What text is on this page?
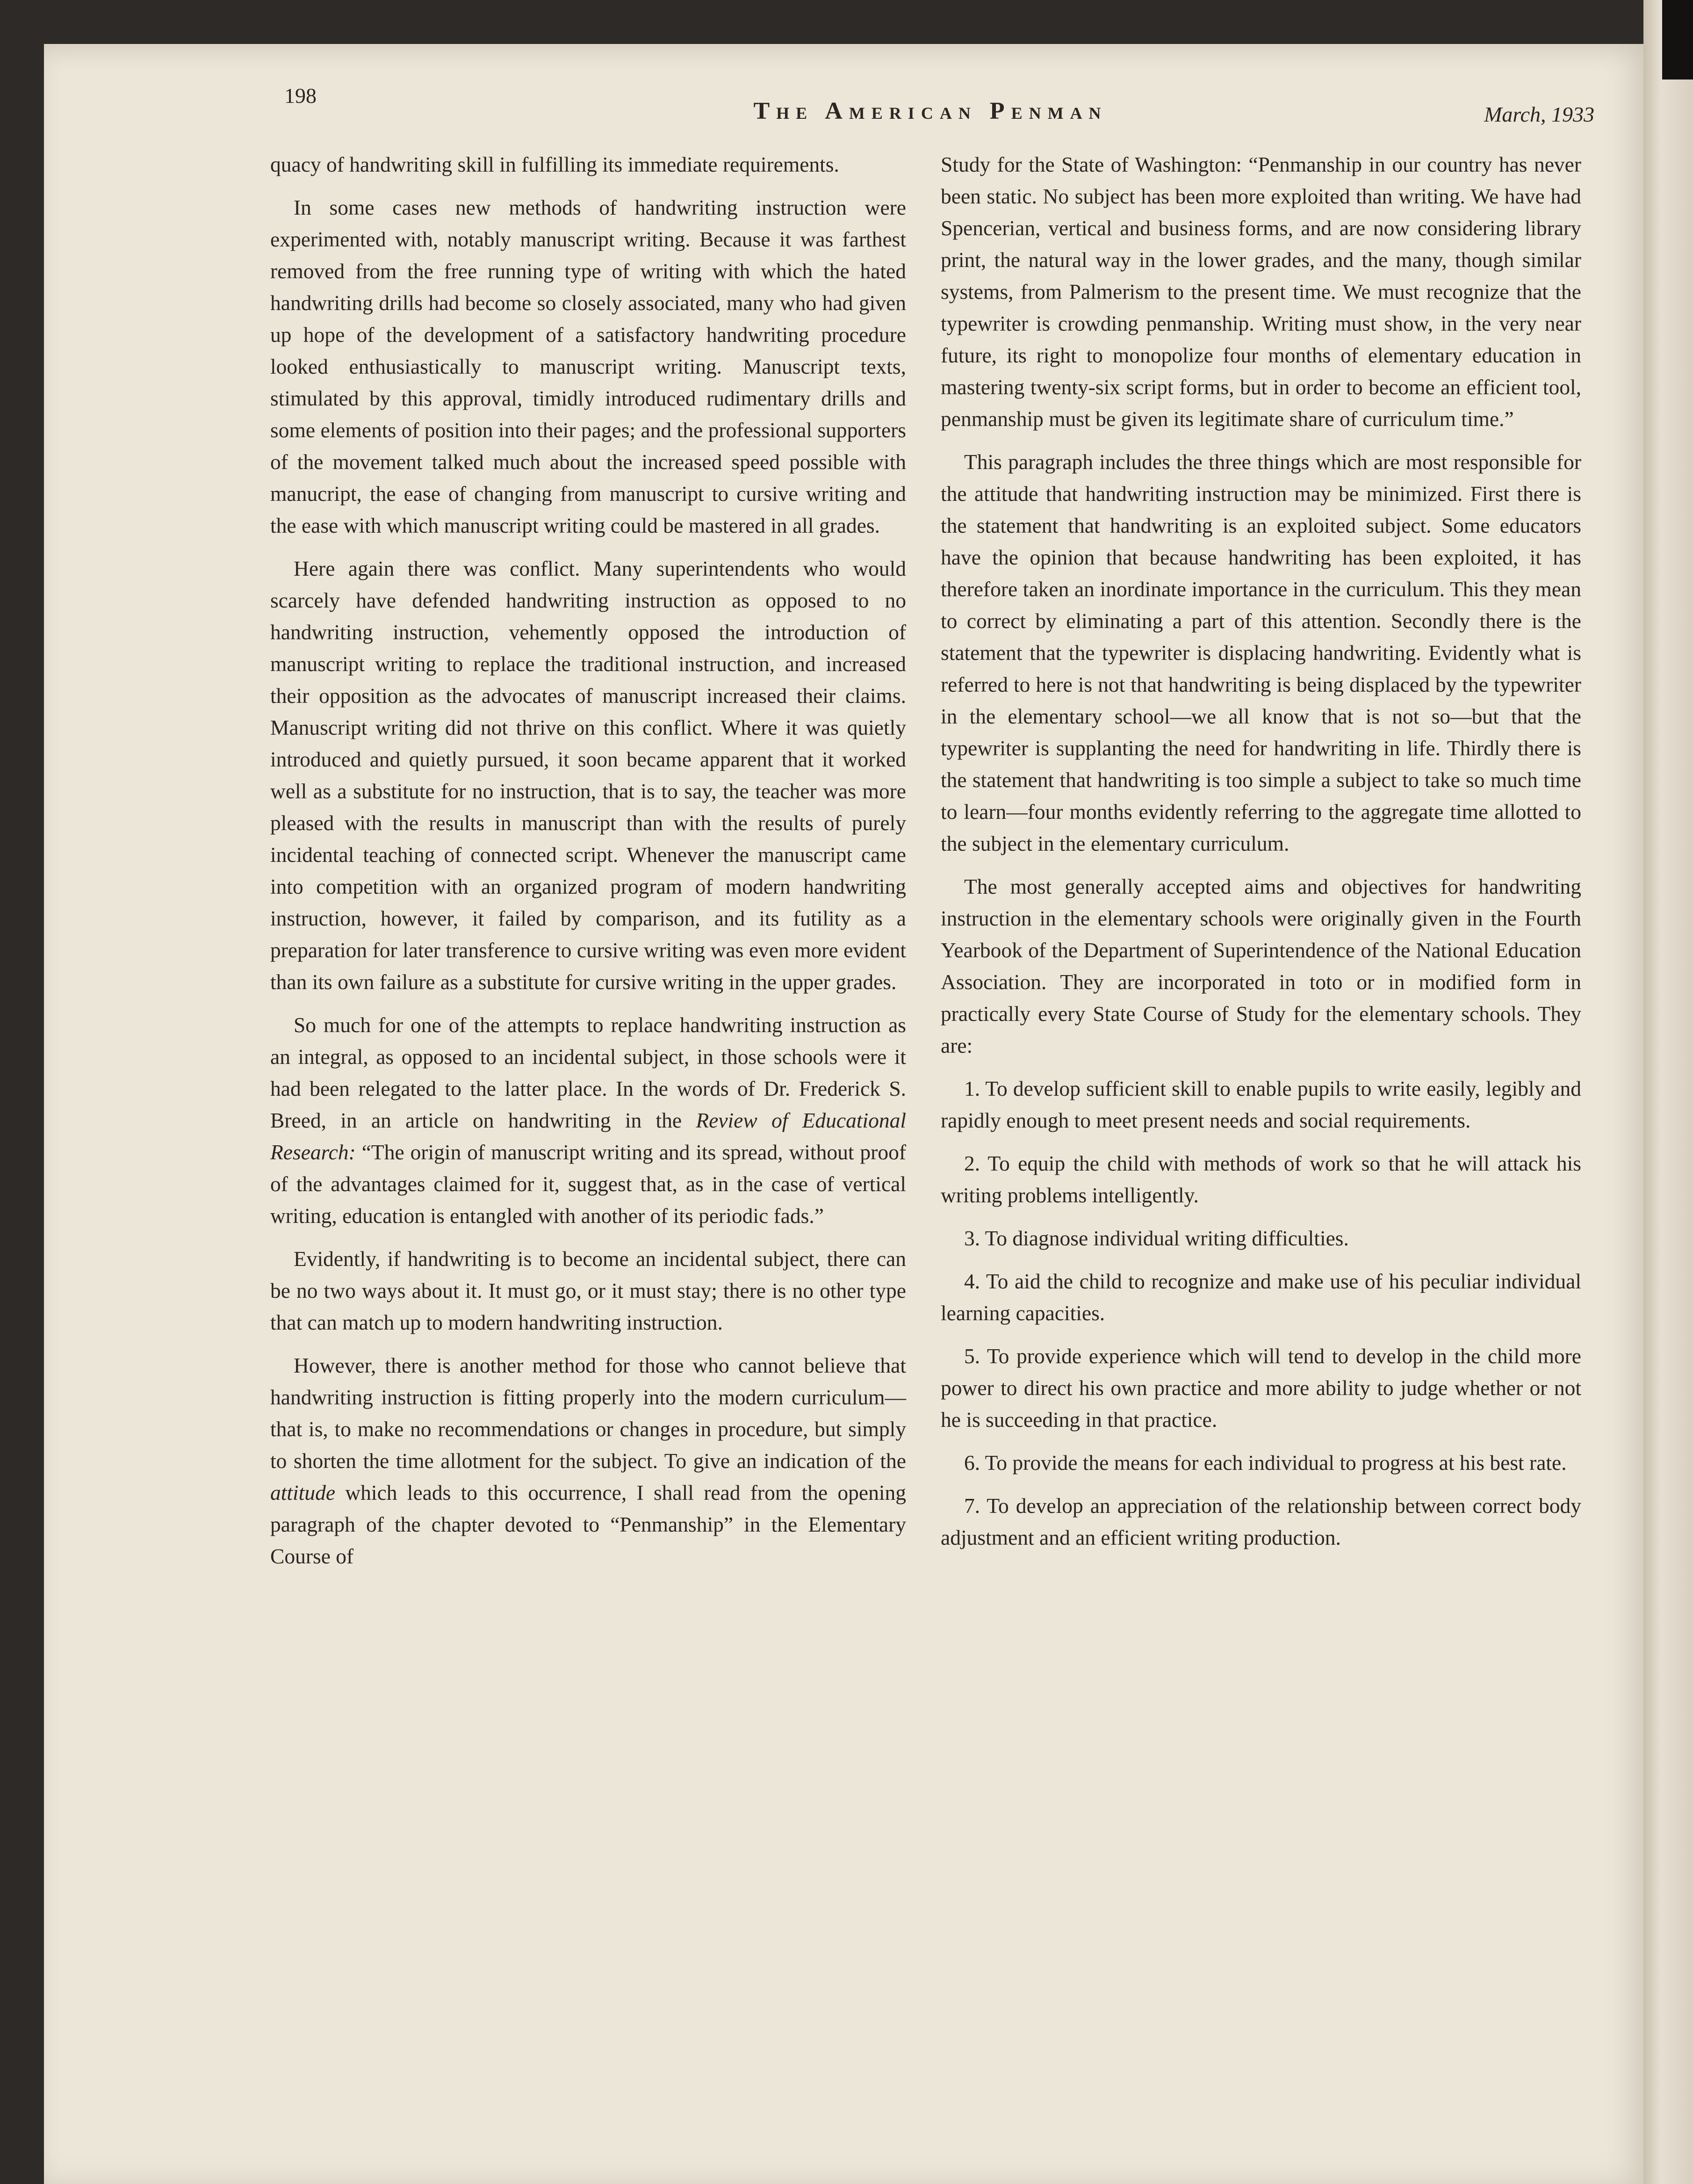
198
The American Penman	March, 1933

quacy of handwriting skill in fulfilling its immediate requirements.

In some cases new methods of handwriting instruction were experimented with, notably manuscript writing. Because it was farthest removed from the free running type of writing with which the hated handwriting drills had become so closely associated, many who had given up hope of the development of a satisfactory handwriting procedure looked enthusiastically to manuscript writing. Manuscript texts, stimulated by this approval, timidly introduced rudimentary drills and some elements of position into their pages; and the professional supporters of the movement talked much about the increased speed possible with manucript, the ease of changing from manuscript to cursive writing and the ease with which manuscript writing could be mastered in all grades.

Here again there was conflict. Many superintendents who would scarcely have defended handwriting instruction as opposed to no handwriting instruction, vehemently opposed the introduction of manuscript writing to replace the traditional instruction, and increased their opposition as the advocates of manuscript increased their claims. Manuscript writing did not thrive on this conflict. Where it was quietly introduced and quietly pursued, it soon became apparent that it worked well as a substitute for no instruction, that is to say, the teacher was more pleased with the results in manuscript than with the results of purely incidental teaching of connected script. Whenever the manuscript came into competition with an organized program of modern handwriting instruction, however, it failed by comparison, and its futility as a preparation for later transference to cursive writing was even more evident than its own failure as a substitute for cursive writing in the upper grades.

So much for one of the attempts to replace handwriting instruction as an integral, as opposed to an incidental subject, in those schools were it had been relegated to the latter place. In the words of Dr. Frederick S. Breed, in an article on handwriting in the Review of Educational Research: “The origin of manuscript writing and its spread, without proof of the advantages claimed for it, suggest that, as in the case of vertical writing, education is entangled with another of its periodic fads.”

Evidently, if handwriting is to become an incidental subject, there can be no two ways about it. It must go, or it must stay; there is no other type that can match up to modern handwriting instruction.

However, there is another method for those who cannot believe that handwriting instruction is fitting properly into the modern curriculum—that is, to make no recommendations or changes in procedure, but simply to shorten the time allotment for the subject. To give an indication of the attitude which leads to this occurrence, I shall read from the opening paragraph of the chapter devoted to “Penmanship” in the Elementary Course of

Study for the State of Washington: “Penmanship in our country has never been static. No subject has been more exploited than writing. We have had Spencerian, vertical and business forms, and are now considering library print, the natural way in the lower grades, and the many, though similar systems, from Palmerism to the present time. We must recognize that the typewriter is crowding penmanship. Writing must show, in the very near future, its right to monopolize four months of elementary education in mastering twenty-six script forms, but in order to become an efficient tool, penmanship must be given its legitimate share of curriculum time.”

This paragraph includes the three things which are most responsible for the attitude that handwriting instruction may be minimized. First there is the statement that handwriting is an exploited subject. Some educators have the opinion that because handwriting has been exploited, it has therefore taken an inordinate importance in the curriculum. This they mean to correct by eliminating a part of this attention. Secondly there is the statement that the typewriter is displacing handwriting. Evidently what is referred to here is not that handwriting is being displaced by the typewriter in the elementary school—we all know that is not so—but that the typewriter is supplanting the need for handwriting in life. Thirdly there is the statement that handwriting is too simple a subject to take so much time to learn—four months evidently referring to the aggregate time allotted to the subject in the elementary curriculum.

The most generally accepted aims and objectives for handwriting instruction in the elementary schools were originally given in the Fourth Yearbook of the Department of Superintendence of the National Education Association. They are incorporated in toto or in modified form in practically every State Course of Study for the elementary schools. They are:

1. To develop sufficient skill to enable pupils to write easily, legibly and rapidly enough to meet present needs and social requirements.

2. To equip the child with methods of work so that he will attack his writing problems intelligently.

3. To diagnose individual writing difficulties.

4. To aid the child to recognize and make use of his peculiar individual learning capacities.

5. To provide experience which will tend to develop in the child more power to direct his own practice and more ability to judge whether or not he is succeeding in that practice.

6. To provide the means for each individual to progress at his best rate.

7. To develop an appreciation of the relationship between correct body adjustment and an efficient writing production.
